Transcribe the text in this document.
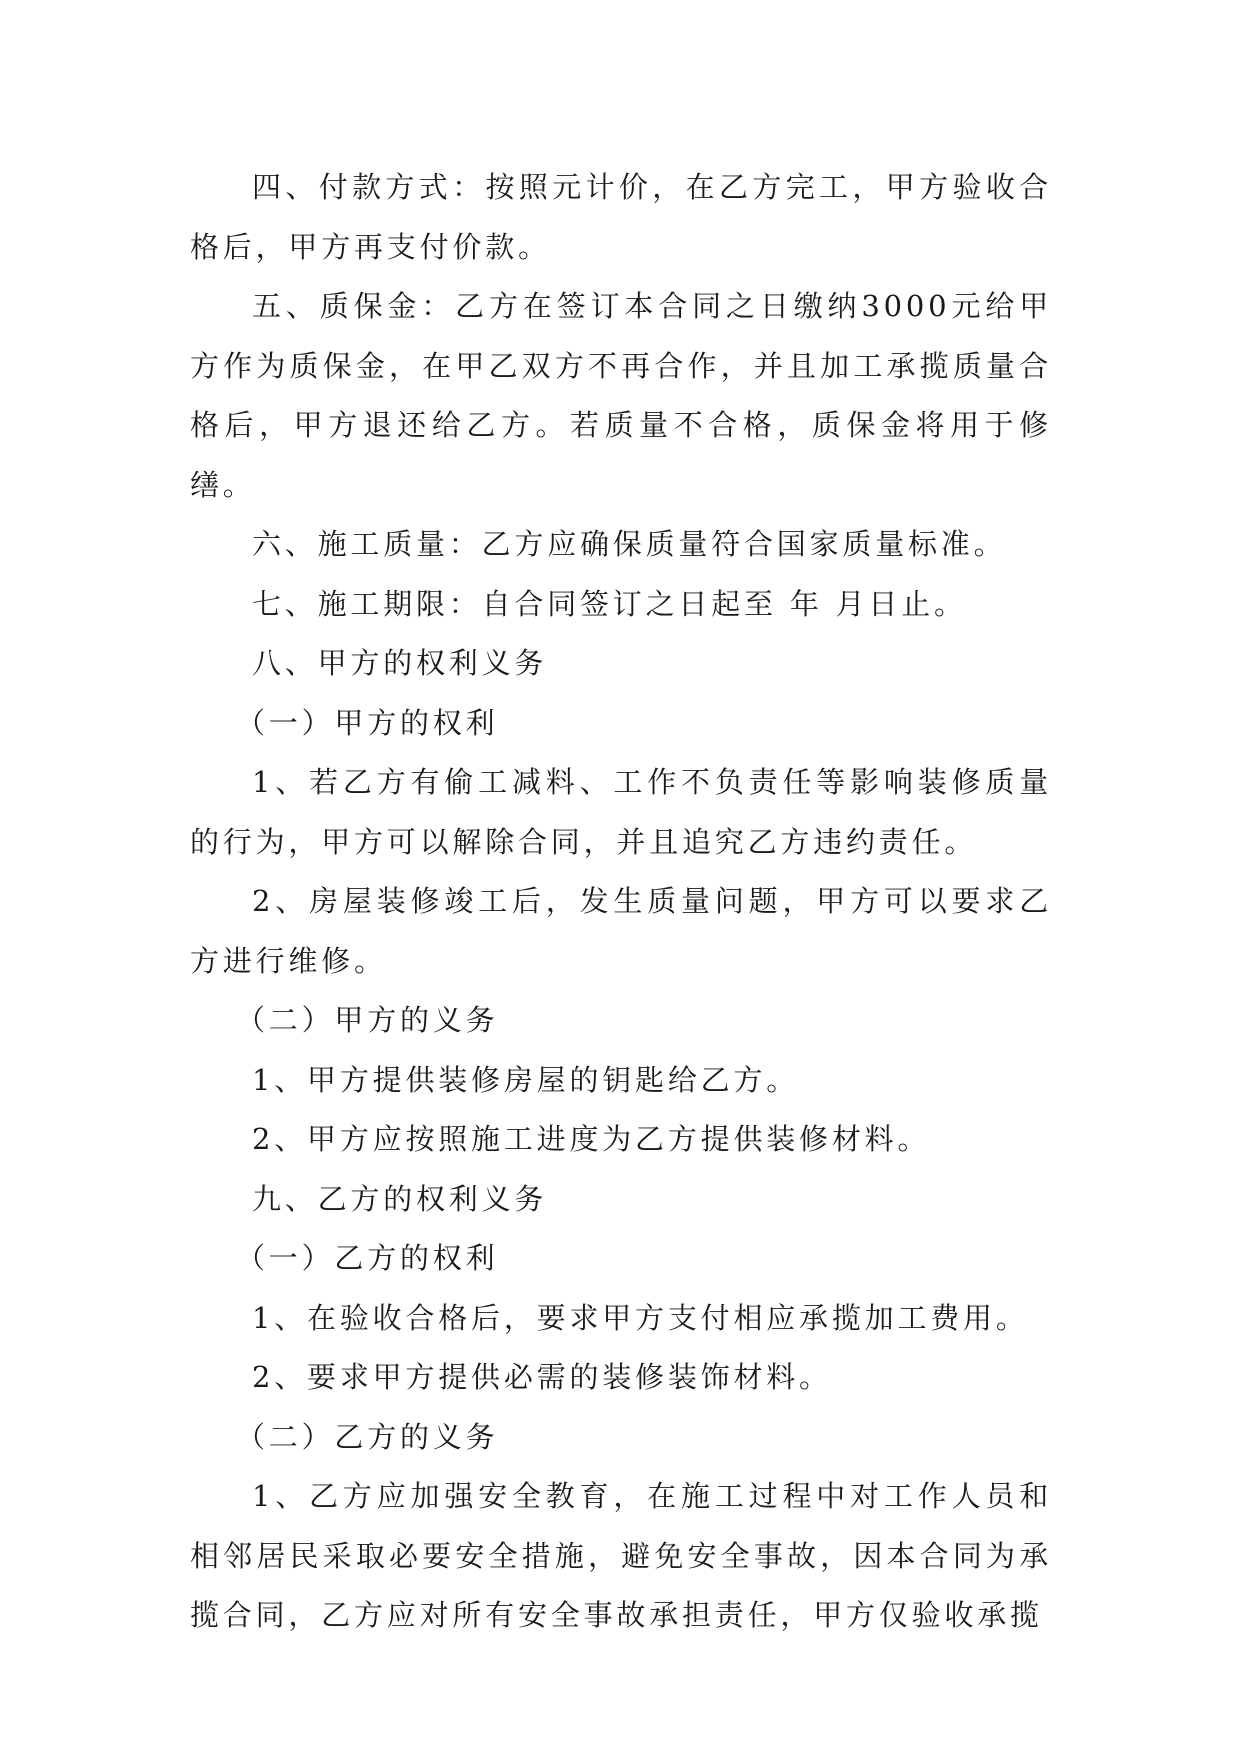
四、付款方式：按照元计价，在乙方完工，甲方验收合格后，甲方再支付价款。

五、质保金：乙方在签订本合同之日缴纳3000元给甲方作为质保金，在甲乙双方不再合作，并且加工承揽质量合格后，甲方退还给乙方。若质量不合格，质保金将用于修缮。

六、施工质量：乙方应确保质量符合国家质量标准。

七、施工期限：自合同签订之日起至 年 月日止。

八、甲方的权利义务

（一）甲方的权利

1、若乙方有偷工减料、工作不负责任等影响装修质量的行为，甲方可以解除合同，并且追究乙方违约责任。

2、房屋装修竣工后，发生质量问题，甲方可以要求乙方进行维修。

（二）甲方的义务

1、甲方提供装修房屋的钥匙给乙方。

2、甲方应按照施工进度为乙方提供装修材料。

九、乙方的权利义务

（一）乙方的权利

1、在验收合格后，要求甲方支付相应承揽加工费用。

2、要求甲方提供必需的装修装饰材料。

（二）乙方的义务

1、乙方应加强安全教育，在施工过程中对工作人员和相邻居民采取必要安全措施，避免安全事故，因本合同为承揽合同，乙方应对所有安全事故承担责任，甲方仅验收承揽
